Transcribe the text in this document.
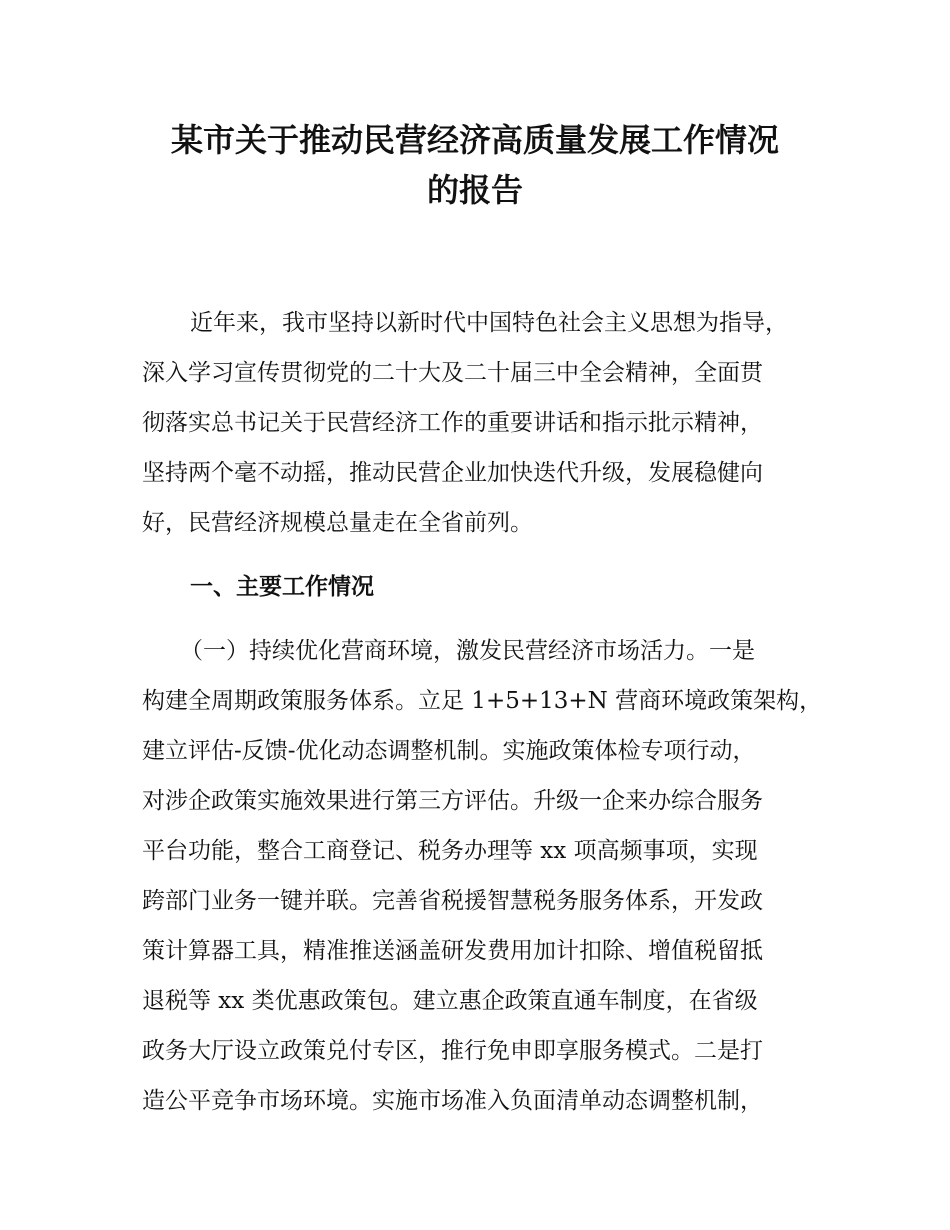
某市关于推动民营经济高质量发展工作情况
的报告

近年来，我市坚持以新时代中国特色社会主义思想为指导，

深入学习宣传贯彻党的二十大及二十届三中全会精神，全面贯

彻落实总书记关于民营经济工作的重要讲话和指示批示精神，

坚持两个毫不动摇，推动民营企业加快迭代升级，发展稳健向

好，民营经济规模总量走在全省前列。

一、主要工作情况

（一）持续优化营商环境，激发民营经济市场活力。一是

构建全周期政策服务体系。立足 1+5+13+N 营商环境政策架构，

建立评估-反馈-优化动态调整机制。实施政策体检专项行动，

对涉企政策实施效果进行第三方评估。升级一企来办综合服务

平台功能，整合工商登记、税务办理等 xx 项高频事项，实现

跨部门业务一键并联。完善省税援智慧税务服务体系，开发政

策计算器工具，精准推送涵盖研发费用加计扣除、增值税留抵

退税等 xx 类优惠政策包。建立惠企政策直通车制度，在省级

政务大厅设立政策兑付专区，推行免申即享服务模式。二是打

造公平竞争市场环境。实施市场准入负面清单动态调整机制，
